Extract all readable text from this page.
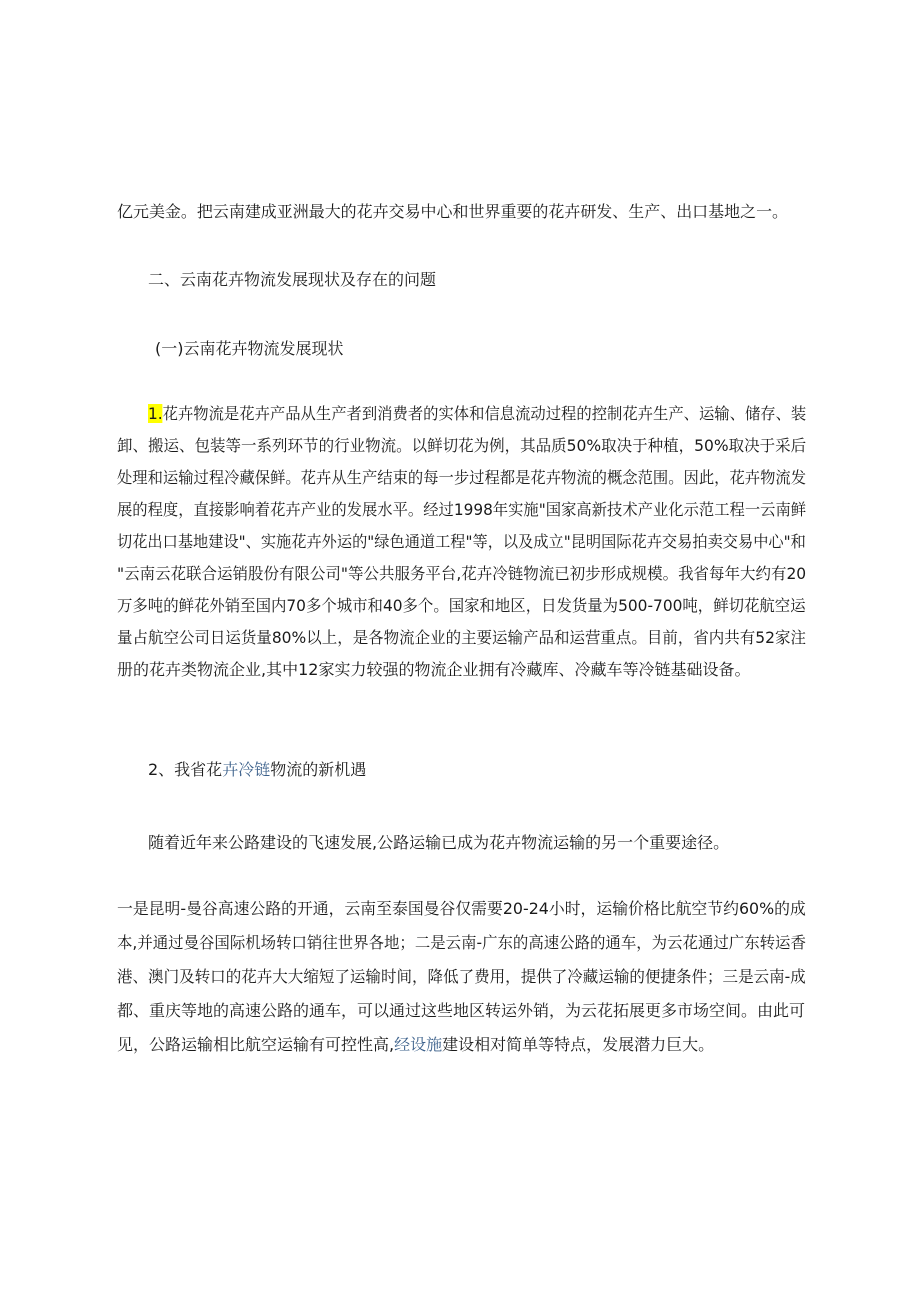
亿元美金。把云南建成亚洲最大的花卉交易中心和世界重要的花卉研发、生产、出口基地之一。
二、云南花卉物流发展现状及存在的问题
(一)云南花卉物流发展现状
1.花卉物流是花卉产品从生产者到消费者的实体和信息流动过程的控制花卉生产、运输、储存、装
卸、搬运、包装等一系列环节的行业物流。以鲜切花为例，其品质50%取决于种植，50%取决于采后
处理和运输过程冷藏保鲜。花卉从生产结束的每一步过程都是花卉物流的概念范围。因此，花卉物流发
展的程度，直接影响着花卉产业的发展水平。经过1998年实施"国家高新技术产业化示范工程一云南鲜
切花出口基地建设"、实施花卉外运的"绿色通道工程"等，以及成立"昆明国际花卉交易拍卖交易中心"和
"云南云花联合运销股份有限公司"等公共服务平台,花卉冷链物流已初步形成规模。我省每年大约有20
万多吨的鲜花外销至国内70多个城市和40多个。国家和地区，日发货量为500-700吨，鲜切花航空运
量占航空公司日运货量80%以上，是各物流企业的主要运输产品和运营重点。目前，省内共有52家注
册的花卉类物流企业,其中12家实力较强的物流企业拥有冷藏库、冷藏车等冷链基础设备。
2、我省花卉冷链物流的新机遇
随着近年来公路建设的飞速发展,公路运输已成为花卉物流运输的另一个重要途径。
一是昆明-曼谷高速公路的开通，云南至泰国曼谷仅需要20-24小时，运输价格比航空节约60%的成
本,并通过曼谷国际机场转口销往世界各地；二是云南-广东的高速公路的通车，为云花通过广东转运香
港、澳门及转口的花卉大大缩短了运输时间，降低了费用，提供了冷藏运输的便捷条件；三是云南-成
都、重庆等地的高速公路的通车，可以通过这些地区转运外销，为云花拓展更多市场空间。由此可
见，公路运输相比航空运输有可控性高,经设施建设相对简单等特点，发展潜力巨大。
